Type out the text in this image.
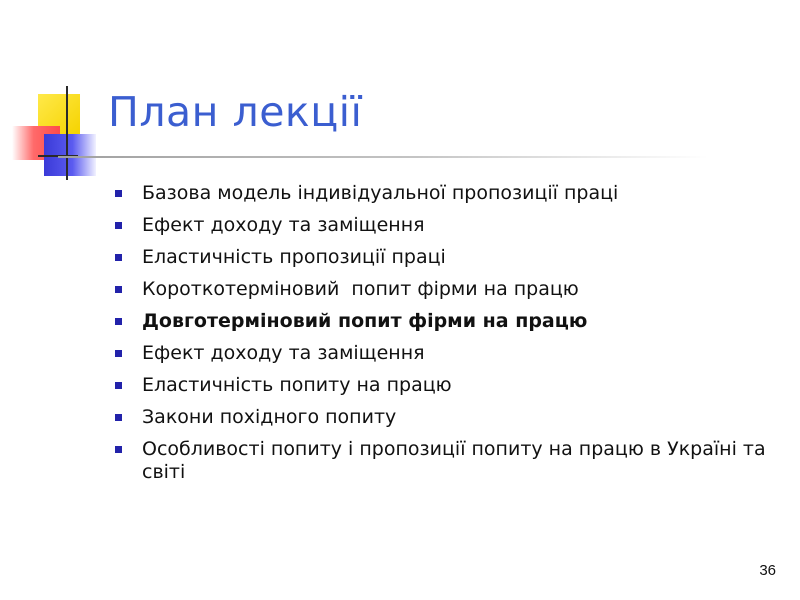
План лекції
Базова модель індивідуальної пропозиції праці
Ефект доходу та заміщення
Еластичність пропозиції праці
Короткотерміновий  попит фірми на працю
Довготерміновий попит фірми на працю
Ефект доходу та заміщення
Еластичність попиту на працю
Закони похідного попиту
Особливості попиту і пропозиції попиту на працю в Україні та світі
36
